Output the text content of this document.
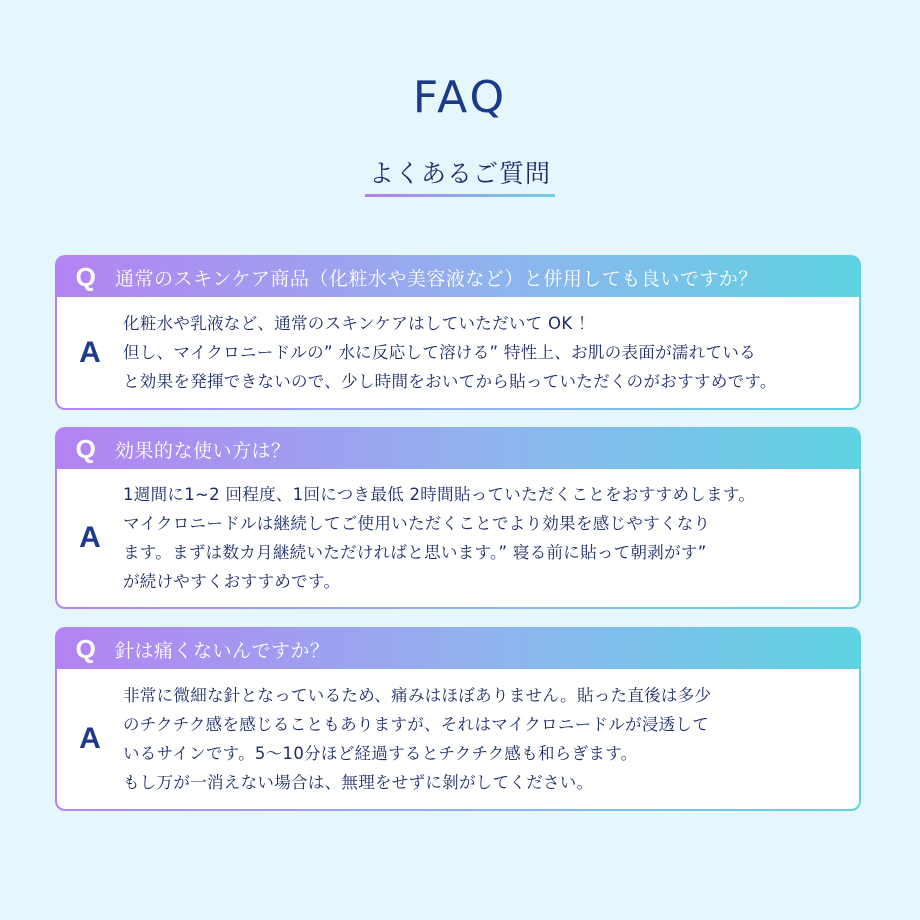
FAQ
よくあるご質問
Q 通常のスキンケア商品（化粧水や美容液など）と併用しても良いですか？
A
化粧水や乳液など、通常のスキンケアはしていただいて OK ！
但し、マイクロニードルの” 水に反応して溶ける” 特性上、お肌の表面が濡れている
と効果を発揮できないので、少し時間をおいてから貼っていただくのがおすすめです。
Q 効果的な使い方は？
A
1週間に1~2 回程度、1回につき最低 2時間貼っていただくことをおすすめします。
マイクロニードルは継続してご使用いただくことでより効果を感じやすくなり
ます。まずは数カ月継続いただければと思います。” 寝る前に貼って朝剥がす”
が続けやすくおすすめです。
Q 針は痛くないんですか？
A
非常に微細な針となっているため、痛みはほぼありません。貼った直後は多少
のチクチク感を感じることもありますが、それはマイクロニードルが浸透して
いるサインです。5〜10分ほど経過するとチクチク感も和らぎます。
もし万が一消えない場合は、無理をせずに剝がしてください。
